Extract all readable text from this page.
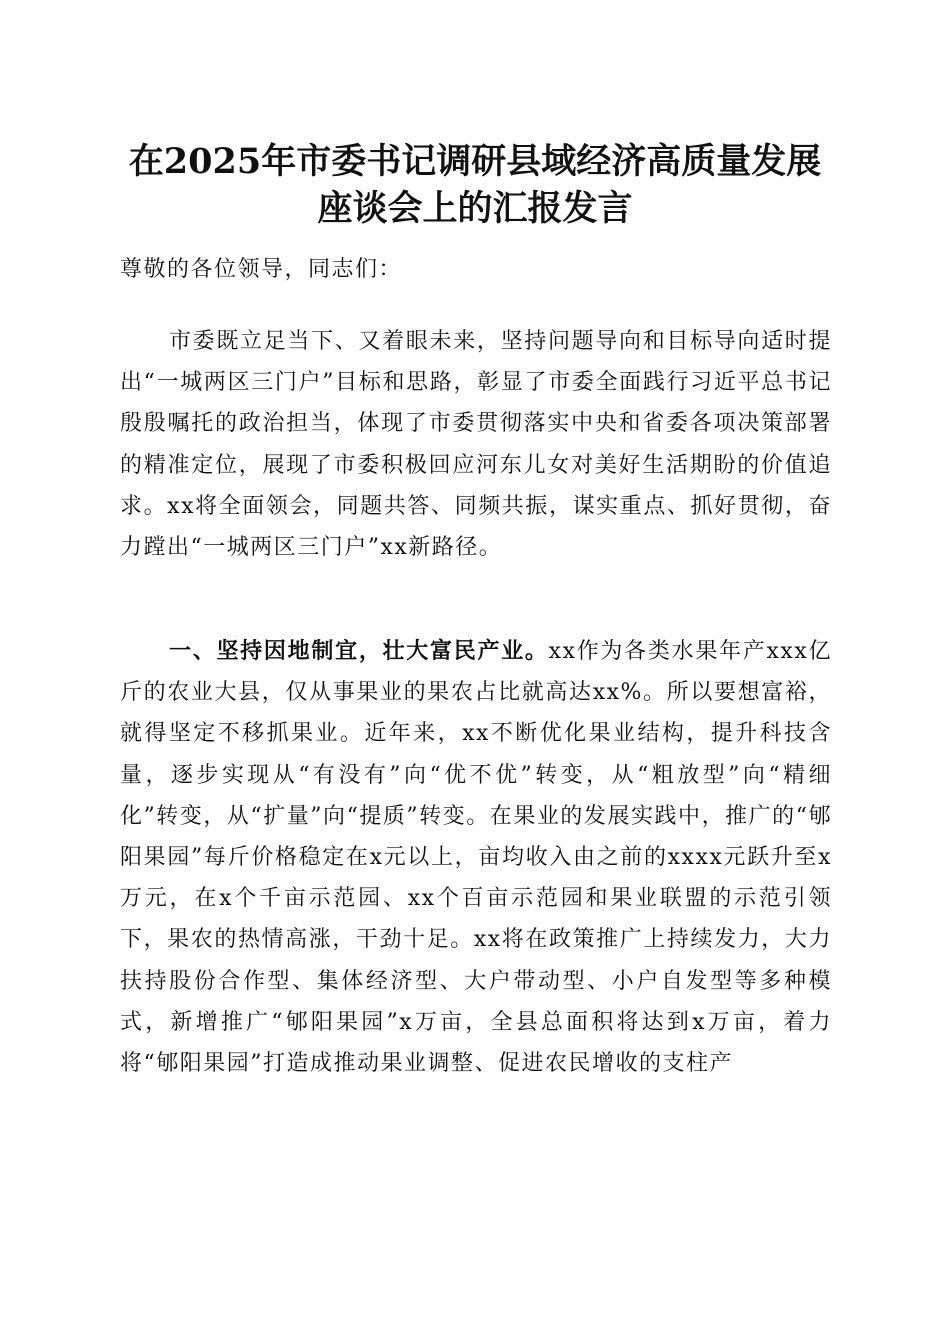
在2025年市委书记调研县域经济高质量发展
座谈会上的汇报发言
尊敬的各位领导，同志们：
市委既立足当下、又着眼未来，坚持问题导向和目标导向适时提出“一城两区三门户”目标和思路，彰显了市委全面践行习近平总书记殷殷嘱托的政治担当，体现了市委贯彻落实中央和省委各项决策部署的精准定位，展现了市委积极回应河东儿女对美好生活期盼的价值追求。xx将全面领会，同题共答、同频共振，谋实重点、抓好贯彻，奋力蹚出“一城两区三门户”xx新路径。
一、坚持因地制宜，壮大富民产业。xx作为各类水果年产xxx亿斤的农业大县，仅从事果业的果农占比就高达xx%。所以要想富裕，就得坚定不移抓果业。近年来，xx不断优化果业结构，提升科技含量，逐步实现从“有没有”向“优不优”转变，从“粗放型”向“精细化”转变，从“扩量”向“提质”转变。在果业的发展实践中，推广的“郇阳果园”每斤价格稳定在x元以上，亩均收入由之前的xxxx元跃升至x万元，在x个千亩示范园、xx个百亩示范园和果业联盟的示范引领下，果农的热情高涨，干劲十足。xx将在政策推广上持续发力，大力扶持股份合作型、集体经济型、大户带动型、小户自发型等多种模式，新增推广“郇阳果园”x万亩，全县总面积将达到x万亩，着力将“郇阳果园”打造成推动果业调整、促进农民增收的支柱产
